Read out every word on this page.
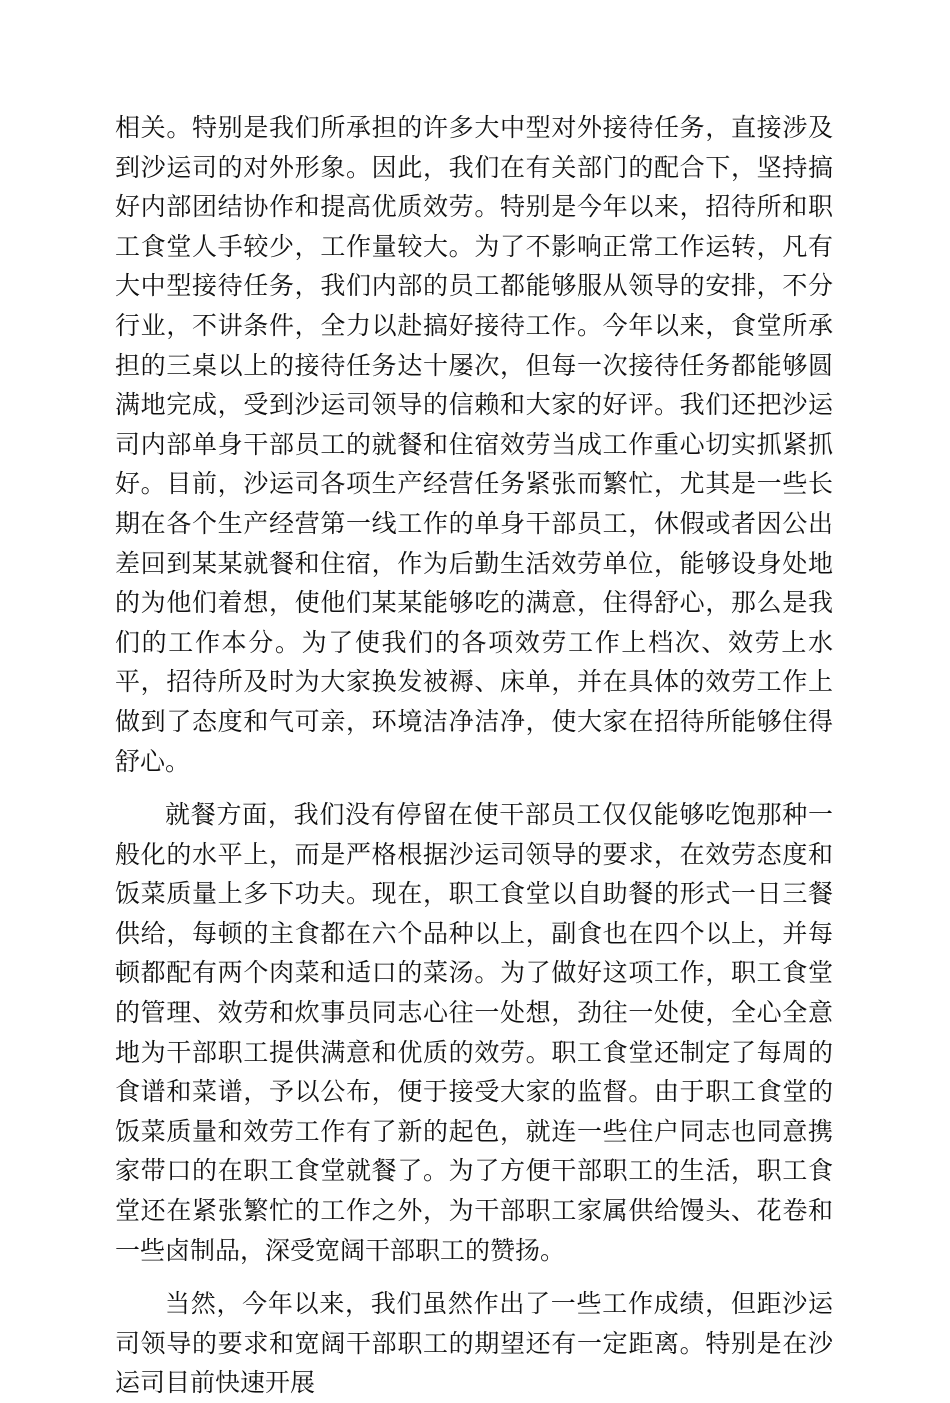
相关。特别是我们所承担的许多大中型对外接待任务，直接涉及到沙运司的对外形象。因此，我们在有关部门的配合下，坚持搞好内部团结协作和提高优质效劳。特别是今年以来，招待所和职工食堂人手较少，工作量较大。为了不影响正常工作运转，凡有大中型接待任务，我们内部的员工都能够服从领导的安排，不分行业，不讲条件，全力以赴搞好接待工作。今年以来，食堂所承担的三桌以上的接待任务达十屡次，但每一次接待任务都能够圆满地完成，受到沙运司领导的信赖和大家的好评。我们还把沙运司内部单身干部员工的就餐和住宿效劳当成工作重心切实抓紧抓好。目前，沙运司各项生产经营任务紧张而繁忙，尤其是一些长期在各个生产经营第一线工作的单身干部员工，休假或者因公出差回到某某就餐和住宿，作为后勤生活效劳单位，能够设身处地的为他们着想，使他们某某能够吃的满意，住得舒心，那么是我们的工作本分。为了使我们的各项效劳工作上档次、效劳上水平，招待所及时为大家换发被褥、床单，并在具体的效劳工作上做到了态度和气可亲，环境洁净洁净，使大家在招待所能够住得舒心。

就餐方面，我们没有停留在使干部员工仅仅能够吃饱那种一般化的水平上，而是严格根据沙运司领导的要求，在效劳态度和饭菜质量上多下功夫。现在，职工食堂以自助餐的形式一日三餐供给，每顿的主食都在六个品种以上，副食也在四个以上，并每顿都配有两个肉菜和适口的菜汤。为了做好这项工作，职工食堂的管理、效劳和炊事员同志心往一处想，劲往一处使，全心全意地为干部职工提供满意和优质的效劳。职工食堂还制定了每周的食谱和菜谱，予以公布，便于接受大家的监督。由于职工食堂的饭菜质量和效劳工作有了新的起色，就连一些住户同志也同意携家带口的在职工食堂就餐了。为了方便干部职工的生活，职工食堂还在紧张繁忙的工作之外，为干部职工家属供给馒头、花卷和一些卤制品，深受宽阔干部职工的赞扬。

当然，今年以来，我们虽然作出了一些工作成绩，但距沙运司领导的要求和宽阔干部职工的期望还有一定距离。特别是在沙运司目前快速开展
